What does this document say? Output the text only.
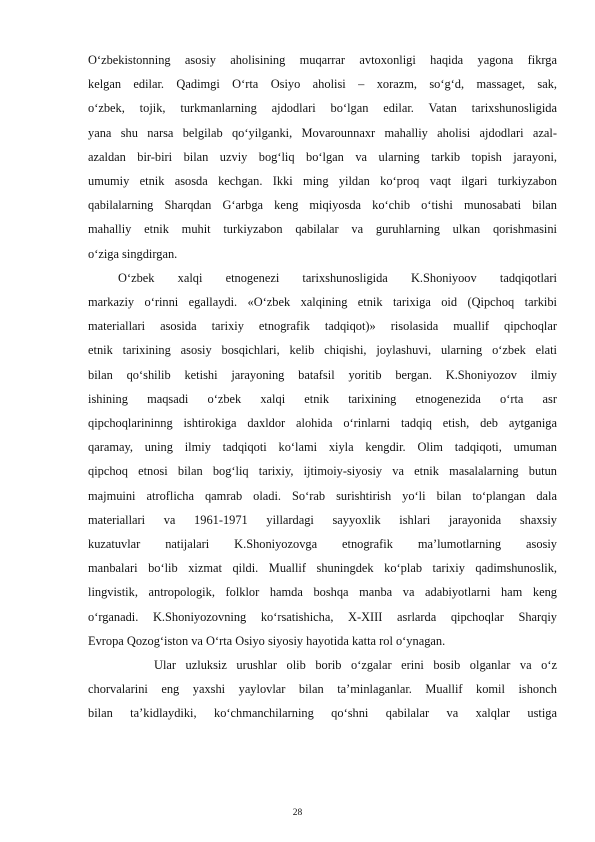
O‘zbekistonning asosiy aholisining muqarrar avtoxonligi haqida yagona fikrga
kelgan edilar. Qadimgi O‘rta Osiyo aholisi – xorazm, so‘g‘d, massaget, sak,
o‘zbek, tojik, turkmanlarning ajdodlari bo‘lgan edilar. Vatan tarixshunosligida
yana shu narsa belgilab qo‘yilganki, Movarounnaxr mahalliy aholisi ajdodlari azal-
azaldan bir-biri bilan uzviy bog‘liq bo‘lgan va ularning tarkib topish jarayoni,
umumiy etnik asosda kechgan. Ikki ming yildan ko‘proq vaqt ilgari turkiyzabon
qabilalarning Sharqdan G‘arbga keng miqiyosda ko‘chib o‘tishi munosabati bilan
mahalliy etnik muhit turkiyzabon qabilalar va guruhlarning ulkan qorishmasini
o‘ziga singdirgan.

O‘zbek xalqi etnogenezi tarixshunosligida K.Shoniyoov tadqiqotlari
markaziy o‘rinni egallaydi. «O‘zbek xalqining etnik tarixiga oid (Qipchoq tarkibi
materiallari asosida tarixiy etnografik tadqiqot)» risolasida muallif qipchoqlar
etnik tarixining asosiy bosqichlari, kelib chiqishi, joylashuvi, ularning o‘zbek elati
bilan qo‘shilib ketishi jarayoning batafsil yoritib bergan. K.Shoniyozov ilmiy
ishining maqsadi o‘zbek xalqi etnik tarixining etnogenezida o‘rta asr
qipchoqlarininng ishtirokiga daxldor alohida o‘rinlarni tadqiq etish, deb aytganiga
qaramay, uning ilmiy tadqiqoti ko‘lami xiyla kengdir. Olim tadqiqoti, umuman
qipchoq etnosi bilan bog‘liq tarixiy, ijtimoiy-siyosiy va etnik masalalarning butun
majmuini atroflicha qamrab oladi. So‘rab surishtirish yo‘li bilan to‘plangan dala
materiallari va 1961-1971 yillardagi sayyoxlik ishlari jarayonida shaxsiy
kuzatuvlar natijalari K.Shoniyozovga etnografik ma’lumotlarning asosiy
manbalari bo‘lib xizmat qildi. Muallif shuningdek ko‘plab tarixiy qadimshunoslik,
lingvistik, antropologik, folklor hamda boshqa manba va adabiyotlarni ham keng
o‘rganadi. K.Shoniyozovning ko‘rsatishicha, X-XIII asrlarda qipchoqlar Sharqiy
Evropa Qozog‘iston va O‘rta Osiyo siyosiy hayotida katta rol o‘ynagan.

Ular uzluksiz urushlar olib borib o‘zgalar erini bosib olganlar va o‘z
chorvalarini eng yaxshi yaylovlar bilan ta’minlaganlar. Muallif komil ishonch
bilan ta’kidlaydiki, ko‘chmanchilarning qo‘shni qabilalar va xalqlar ustiga

28
